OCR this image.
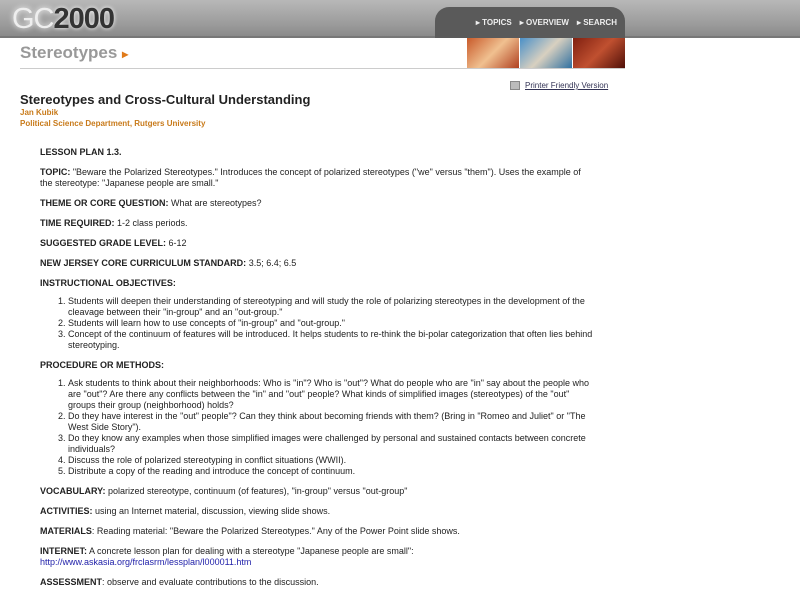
GC2000	▸ TOPICS ▸ OVERVIEW ▸ SEARCH
Stereotypes ▸
Printer Friendly Version
Stereotypes and Cross-Cultural Understanding
Jan Kubik
Political Science Department, Rutgers University

LESSON PLAN 1.3.

TOPIC: "Beware the Polarized Stereotypes." Introduces the concept of polarized stereotypes ("we" versus "them"). Uses the example of the stereotype: "Japanese people are small."

THEME OR CORE QUESTION: What are stereotypes?

TIME REQUIRED: 1-2 class periods.

SUGGESTED GRADE LEVEL: 6-12

NEW JERSEY CORE CURRICULUM STANDARD: 3.5; 6.4; 6.5

INSTRUCTIONAL OBJECTIVES:

1. Students will deepen their understanding of stereotyping and will study the role of polarizing stereotypes in the development of the cleavage between their "in-group" and an "out-group."
2. Students will learn how to use concepts of "in-group" and "out-group."
3. Concept of the continuum of features will be introduced. It helps students to re-think the bi-polar categorization that often lies behind stereotyping.

PROCEDURE OR METHODS:

1. Ask students to think about their neighborhoods: Who is "in"? Who is "out"? What do people who are "in" say about the people who are "out"? Are there any conflicts between the "in" and "out" people? What kinds of simplified images (stereotypes) of the "out" groups their group (neighborhood) holds?
2. Do they have interest in the "out" people"? Can they think about becoming friends with them? (Bring in "Romeo and Juliet" or "The West Side Story").
3. Do they know any examples when those simplified images were challenged by personal and sustained contacts between concrete individuals?
4. Discuss the role of polarized stereotyping in conflict situations (WWII).
5. Distribute a copy of the reading and introduce the concept of continuum.

VOCABULARY: polarized stereotype, continuum (of features), "in-group" versus "out-group"

ACTIVITIES: using an Internet material, discussion, viewing slide shows.

MATERIALS: Reading material: "Beware the Polarized Stereotypes." Any of the Power Point slide shows.

INTERNET: A concrete lesson plan for dealing with a stereotype "Japanese people are small":
http://www.askasia.org/frclasrm/lessplan/l000011.htm

ASSESSMENT: observe and evaluate contributions to the discussion.
